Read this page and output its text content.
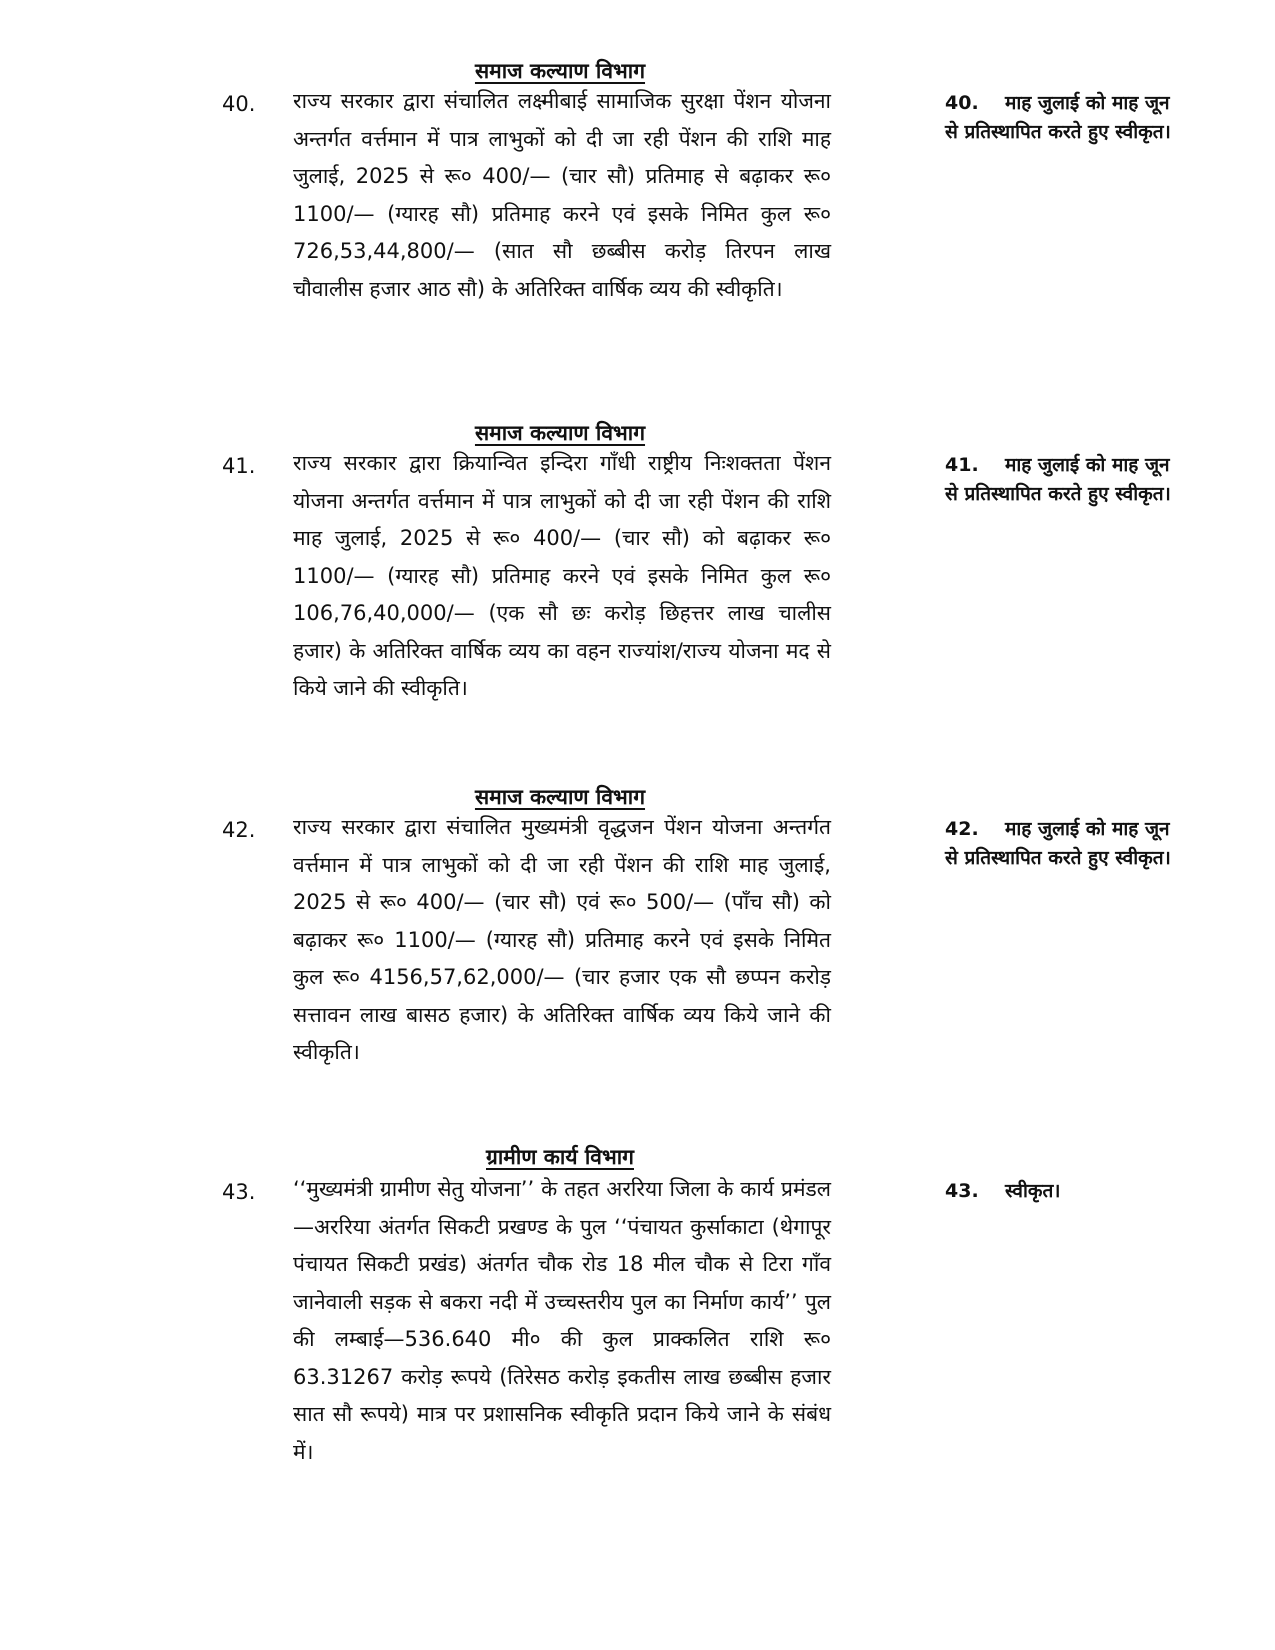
समाज कल्याण विभाग
40. राज्य सरकार द्वारा संचालित लक्ष्मीबाई सामाजिक सुरक्षा पेंशन योजना अन्तर्गत वर्त्तमान में पात्र लाभुकों को दी जा रही पेंशन की राशि माह जुलाई, 2025 से रू० 400/— (चार सौ) प्रतिमाह से बढ़ाकर रू० 1100/— (ग्यारह सौ) प्रतिमाह करने एवं इसके निमित कुल रू० 726,53,44,800/— (सात सौ छब्बीस करोड़ तिरपन लाख चौवालीस हजार आठ सौ) के अतिरिक्त वार्षिक व्यय की स्वीकृति।

40. माह जुलाई को माह जून से प्रतिस्थापित करते हुए स्वीकृत।

समाज कल्याण विभाग
41. राज्य सरकार द्वारा क्रियान्वित इन्दिरा गाँधी राष्ट्रीय निःशक्तता पेंशन योजना अन्तर्गत वर्त्तमान में पात्र लाभुकों को दी जा रही पेंशन की राशि माह जुलाई, 2025 से रू० 400/— (चार सौ) को बढ़ाकर रू० 1100/— (ग्यारह सौ) प्रतिमाह करने एवं इसके निमित कुल रू० 106,76,40,000/— (एक सौ छः करोड़ छिहत्तर लाख चालीस हजार) के अतिरिक्त वार्षिक व्यय का वहन राज्यांश/राज्य योजना मद से किये जाने की स्वीकृति।

41. माह जुलाई को माह जून से प्रतिस्थापित करते हुए स्वीकृत।

समाज कल्याण विभाग
42. राज्य सरकार द्वारा संचालित मुख्यमंत्री वृद्धजन पेंशन योजना अन्तर्गत वर्त्तमान में पात्र लाभुकों को दी जा रही पेंशन की राशि माह जुलाई, 2025 से रू० 400/— (चार सौ) एवं रू० 500/— (पाँच सौ) को बढ़ाकर रू० 1100/— (ग्यारह सौ) प्रतिमाह करने एवं इसके निमित कुल रू० 4156,57,62,000/— (चार हजार एक सौ छप्पन करोड़ सत्तावन लाख बासठ हजार) के अतिरिक्त वार्षिक व्यय किये जाने की स्वीकृति।

42. माह जुलाई को माह जून से प्रतिस्थापित करते हुए स्वीकृत।

ग्रामीण कार्य विभाग
43. ‘‘मुख्यमंत्री ग्रामीण सेतु योजना’’ के तहत अररिया जिला के कार्य प्रमंडल—अररिया अंतर्गत सिकटी प्रखण्ड के पुल ‘‘पंचायत कुर्साकाटा (थेगापूर पंचायत सिकटी प्रखंड) अंतर्गत चौक रोड 18 मील चौक से टिरा गाँव जानेवाली सड़क से बकरा नदी में उच्चस्तरीय पुल का निर्माण कार्य’’ पुल की लम्बाई—536.640 मी० की कुल प्राक्कलित राशि रू० 63.31267 करोड़ रूपये (तिरेसठ करोड़ इकतीस लाख छब्बीस हजार सात सौ रूपये) मात्र पर प्रशासनिक स्वीकृति प्रदान किये जाने के संबंध में।

43. स्वीकृत।
